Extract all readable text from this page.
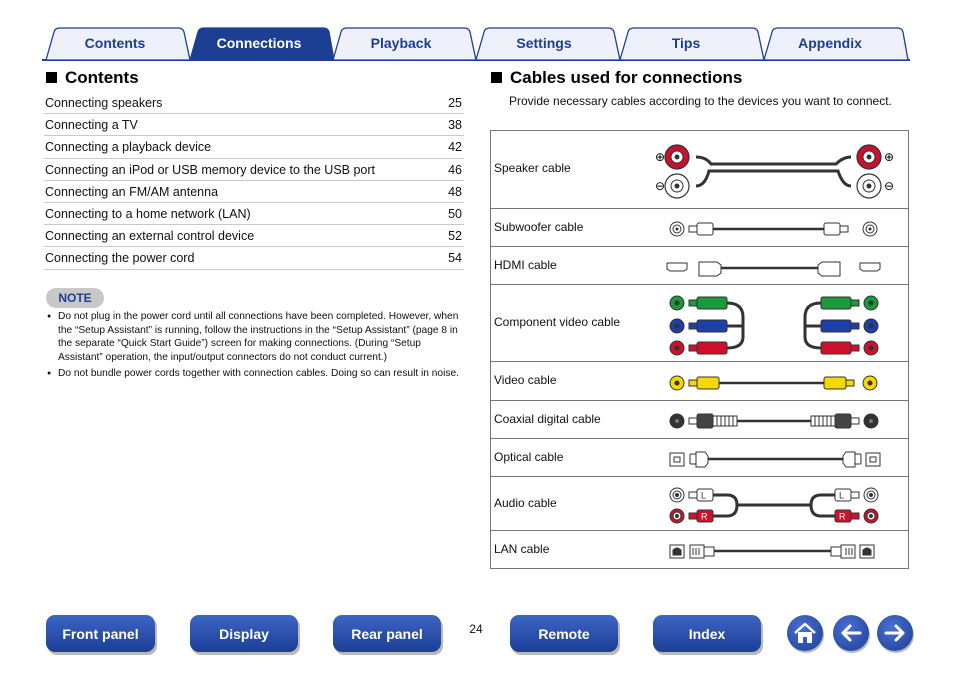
Contents	Connections	Playback	Settings	Tips	Appendix
Contents
Connecting speakers	25
Connecting a TV	38
Connecting a playback device	42
Connecting an iPod or USB memory device to the USB port	46
Connecting an FM/AM antenna	48
Connecting to a home network (LAN)	50
Connecting an external control device	52
Connecting the power cord	54
NOTE
● Do not plug in the power cord until all connections have been completed. However, when the “Setup Assistant” is running, follow the instructions in the “Setup Assistant” (page 8 in the separate “Quick Start Guide”) screen for making connections. (During “Setup Assistant” operation, the input/output connectors do not conduct current.)
● Do not bundle power cords together with connection cables. Doing so can result in noise.
Cables used for connections
Provide necessary cables according to the devices you want to connect.
Speaker cable
⊕
⊖
⊕
⊖
Subwoofer cable
HDMI cable
Component video cable
Video cable
Coaxial digital cable
Optical cable
Audio cable
L
R
L
R
LAN cable
Front panel	Display	Rear panel	24	Remote	Index
